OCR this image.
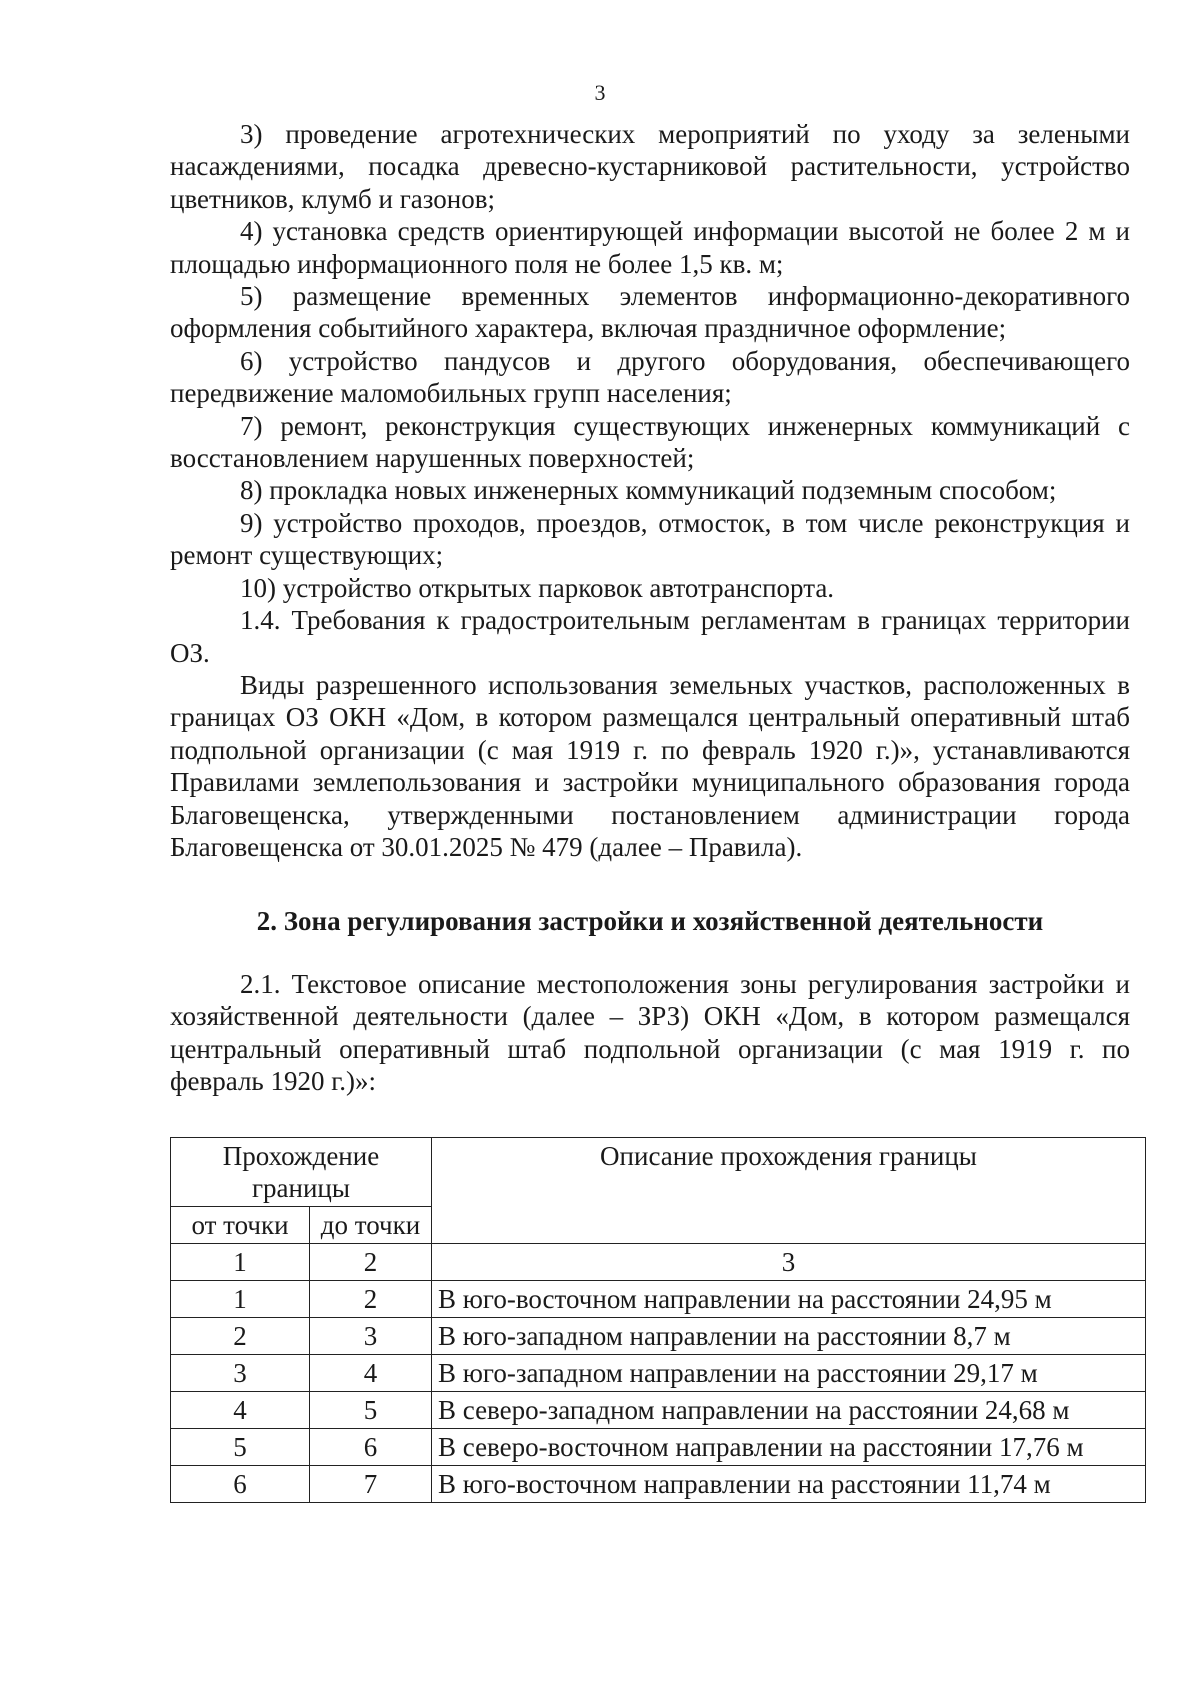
3

3) проведение агротехнических мероприятий по уходу за зелеными насаждениями, посадка древесно-кустарниковой растительности, устройство цветников, клумб и газонов;

4) установка средств ориентирующей информации высотой не более 2 м и площадью информационного поля не более 1,5 кв. м;

5) размещение временных элементов информационно-декоративного оформления событийного характера, включая праздничное оформление;

6) устройство пандусов и другого оборудования, обеспечивающего передвижение маломобильных групп населения;

7) ремонт, реконструкция существующих инженерных коммуникаций с восстановлением нарушенных поверхностей;

8) прокладка новых инженерных коммуникаций подземным способом;

9) устройство проходов, проездов, отмосток, в том числе реконструкция и ремонт существующих;

10) устройство открытых парковок автотранспорта.

1.4. Требования к градостроительным регламентам в границах территории ОЗ.

Виды разрешенного использования земельных участков, расположенных в границах ОЗ ОКН «Дом, в котором размещался центральный оперативный штаб подпольной организации (с мая 1919 г. по февраль 1920 г.)», устанавливаются Правилами землепользования и застройки муниципального образования города Благовещенска, утвержденными постановлением администрации города Благовещенска от 30.01.2025 № 479 (далее – Правила).

2. Зона регулирования застройки и хозяйственной деятельности

2.1. Текстовое описание местоположения зоны регулирования застройки и хозяйственной деятельности (далее – ЗРЗ) ОКН «Дом, в котором размещался центральный оперативный штаб подпольной организации (с мая 1919 г. по февраль 1920 г.)»:

Прохождение границы		Описание прохождения границы
от точки	до точки	
1	2	3
1	2	В юго-восточном направлении на расстоянии 24,95 м
2	3	В юго-западном направлении на расстоянии 8,7 м
3	4	В юго-западном направлении на расстоянии 29,17 м
4	5	В северо-западном направлении на расстоянии 24,68 м
5	6	В северо-восточном направлении на расстоянии 17,76 м
6	7	В юго-восточном направлении на расстоянии 11,74 м
